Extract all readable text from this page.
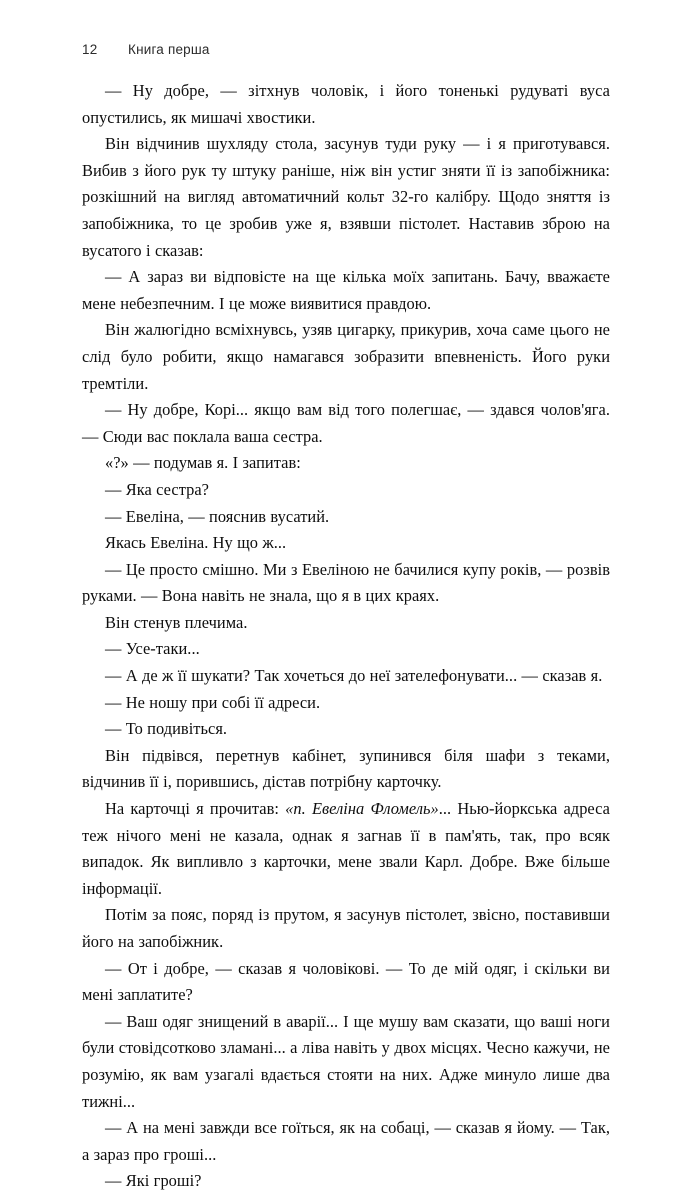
12	Книга перша

— Ну добре, — зітхнув чоловік, і його тоненькі рудуваті вуса опустились, як мишачі хвостики.

Він відчинив шухляду стола, засунув туди руку — і я приготувався. Вибив з його рук ту штуку раніше, ніж він устиг зняти її із запобіжника: розкішний на вигляд автоматичний кольт 32-го калібру. Щодо зняття із запобіжника, то це зробив уже я, взявши пістолет. Наставив зброю на вусатого і сказав:

— А зараз ви відповісте на ще кілька моїх запитань. Бачу, вважаєте мене небезпечним. І це може виявитися правдою.

Він жалюгідно всміхнувсь, узяв цигарку, прикурив, хоча саме цього не слід було робити, якщо намагався зобразити впевненість. Його руки тремтіли.

— Ну добре, Корі... якщо вам від того полегшає, — здався чолов'яга. — Сюди вас поклала ваша сестра.

«?» — подумав я. І запитав:

— Яка сестра?

— Евеліна, — пояснив вусатий.

Якась Евеліна. Ну що ж...

— Це просто смішно. Ми з Евеліною не бачилися купу років, — розвів руками. — Вона навіть не знала, що я в цих краях.

Він стенув плечима.

— Усе-таки...

— А де ж її шукати? Так хочеться до неї зателефонувати... — сказав я.

— Не ношу при собі її адреси.

— То подивіться.

Він підвівся, перетнув кабінет, зупинився біля шафи з теками, відчинив її і, порившись, дістав потрібну карточку.

На карточці я прочитав: «п. Евеліна Фломель»... Нью-йоркська адреса теж нічого мені не казала, однак я загнав її в пам'ять, так, про всяк випадок. Як випливло з карточки, мене звали Карл. Добре. Вже більше інформації.

Потім за пояс, поряд із прутом, я засунув пістолет, звісно, поставивши його на запобіжник.

— От і добре, — сказав я чоловікові. — То де мій одяг, і скільки ви мені заплатите?

— Ваш одяг знищений в аварії... І ще мушу вам сказати, що ваші ноги були стовідсотково зламані... а ліва навіть у двох місцях. Чесно кажучи, не розумію, як вам узагалі вдається стояти на них. Адже минуло лише два тижні...

— А на мені завжди все гоїться, як на собаці, — сказав я йому. — Так, а зараз про гроші...

— Які гроші?
